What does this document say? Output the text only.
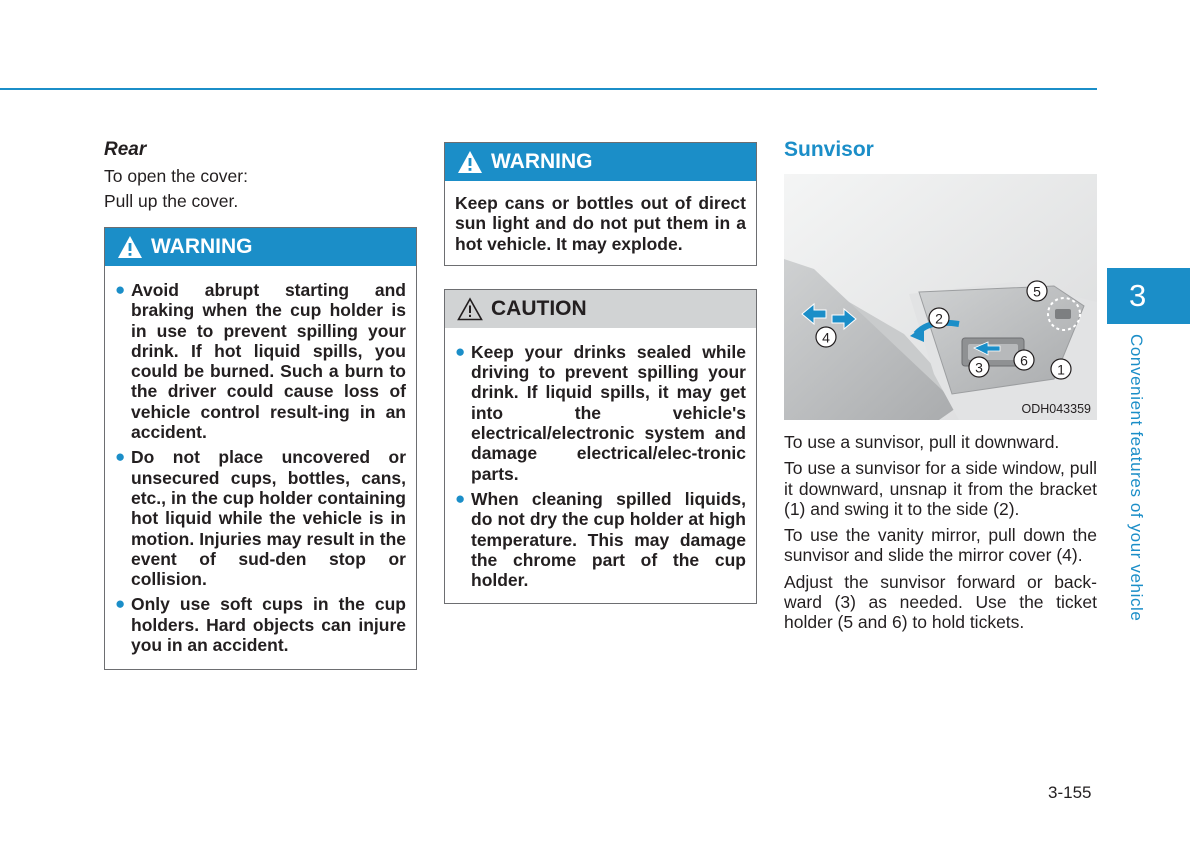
Rear

To open the cover:

Pull up the cover.

WARNING
● Avoid abrupt starting and braking when the cup holder is in use to prevent spilling your drink. If hot liquid spills, you could be burned. Such a burn to the driver could cause loss of vehicle control result-ing in an accident.
● Do not place uncovered or unsecured cups, bottles, cans, etc., in the cup holder containing hot liquid while the vehicle is in motion. Injuries may result in the event of sud-den stop or collision.
● Only use soft cups in the cup holders. Hard objects can injure you in an accident.
WARNING

Keep cans or bottles out of direct sun light and do not put them in a hot vehicle. It may explode.

CAUTION
● Keep your drinks sealed while driving to prevent spilling your drink. If liquid spills, it may get into the vehicle's electrical/electronic system and damage electrical/elec-tronic parts.
● When cleaning spilled liquids, do not dry the cup holder at high temperature. This may damage the chrome part of the cup holder.

Sunvisor

2
4
5
3	6
1
ODH043359

To use a sunvisor, pull it downward.

To use a sunvisor for a side window, pull it downward, unsnap it from the bracket (1) and swing it to the side (2).

To use the vanity mirror, pull down the sunvisor and slide the mirror cover (4).

Adjust the sunvisor forward or back-ward (3) as needed. Use the ticket holder (5 and 6) to hold tickets.

3
Convenient features of your vehicle
3-155
